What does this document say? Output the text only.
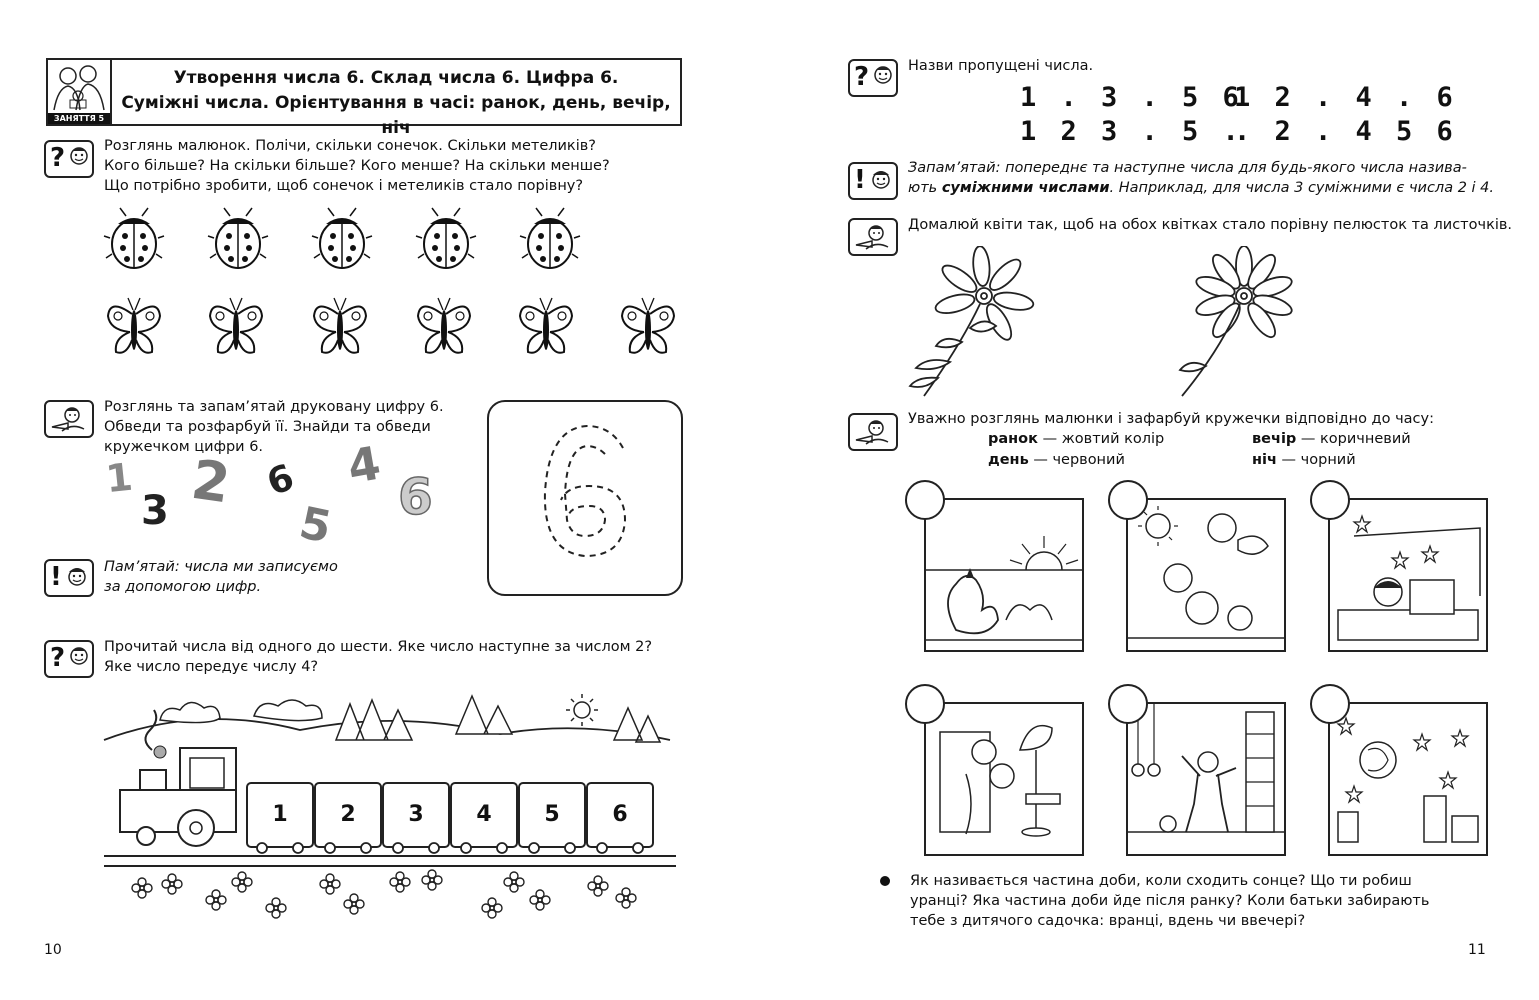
ЗАНЯТТЯ 5
Утворення числа 6. Склад числа 6. Цифра 6.
Суміжні числа. Орієнтування в часі: ранок, день, вечір, ніч
?	Розглянь малюнок. Полічи, скільки сонечок. Скільки метеликів?
Кого більше? На скільки більше? Кого менше? На скільки менше?
Що потрібно зробити, щоб сонечок і метеликів стало порівну?
Розглянь та запам’ятай друковану цифру 6.
Обведи та розфарбуй її. Знайди та обведи
кружечком цифри 6.
1
3 2 6
5
4
6
!	Пам’ятай: числа ми записуємо
за допомогою цифр.
?	Прочитай числа від одного до шести. Яке число наступне за числом 2?
Яке число передує числу 4?
1	2	3	4	5	6
10
?	Назви пропущені числа.
1 . 3 . 5 6
1 2 . 4 . 6
1 2 3 . 5 .
. 2 . 4 5 6
!	Запам’ятай: попереднє та наступне числа для будь-якого числа назива-
ють суміжними числами. Наприклад, для числа 3 суміжними є числа 2 і 4.
Домалюй квіти так, щоб на обох квітках стало порівну пелюсток та листочків.
Уважно розглянь малюнки і зафарбуй кружечки відповідно до часу:
ранок — жовтий колір
день — червоний
вечір — коричневий
ніч — чорний
Як називається частина доби, коли сходить сонце? Що ти робиш
уранці? Яка частина доби йде після ранку? Коли батьки забирають
тебе з дитячого садочка: вранці, вдень чи ввечері?
11
